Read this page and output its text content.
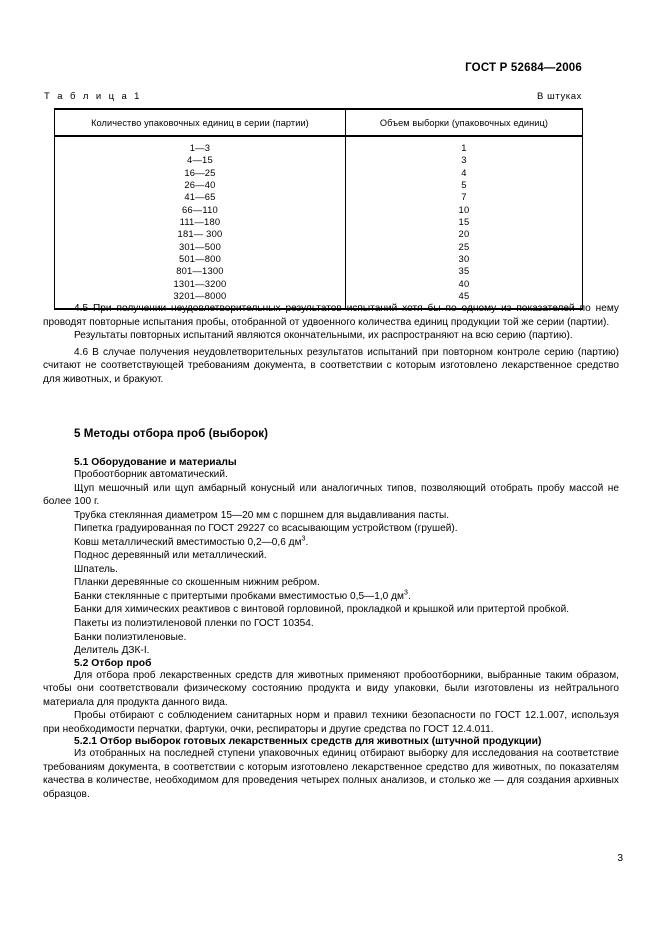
ГОСТ Р 52684—2006
Т а б л и ц а 1	В штуках
Количество упаковочных единиц в серии (партии)	Объем выборки (упаковочных единиц)
1—3	1
4—15	3
16—25	4
26—40	5
41—65	7
66—110	10
111—180	15
181— 300	20
301—500	25
501—800	30
801—1300	35
1301—3200	40
3201—8000	45

4.5 При получении неудовлетворительных результатов испытаний хотя бы по одному из показателей по нему проводят повторные испытания пробы, отобранной от удвоенного количества единиц продукции той же серии (партии).

Результаты повторных испытаний являются окончательными, их распространяют на всю серию (партию).

4.6 В случае получения неудовлетворительных результатов испытаний при повторном контроле серию (партию) считают не соответствующей требованиям документа, в соответствии с которым изготовлено лекарственное средство для животных, и бракуют.

5 Методы отбора проб (выборок)
5.1 Оборудование и материалы

Пробоотборник автоматический.

Щуп мешочный или щуп амбарный конусный или аналогичных типов, позволяющий отобрать пробу массой не более 100 г.

Трубка стеклянная диаметром 15—20 мм с поршнем для выдавливания пасты.

Пипетка градуированная по ГОСТ 29227 со всасывающим устройством (грушей).

Ковш металлический вместимостью 0,2—0,6 $дм^3$.

Поднос деревянный или металлический.

Шпатель.

Планки деревянные со скошенным нижним ребром.

Банки стеклянные с притертыми пробками вместимостью 0,5—1,0 $дм^3$.

Банки для химических реактивов с винтовой горловиной, прокладкой и крышкой или притертой пробкой.

Пакеты из полиэтиленовой пленки по ГОСТ 10354.

Банки полиэтиленовые.

Делитель ДЗК-I.

5.2 Отбор проб

Для отбора проб лекарственных средств для животных применяют пробоотборники, выбранные таким образом, чтобы они соответствовали физическому состоянию продукта и виду упаковки, были изготовлены из нейтрального материала для продукта данного вида.

Пробы отбирают с соблюдением санитарных норм и правил техники безопасности по ГОСТ 12.1.007, используя при необходимости перчатки, фартуки, очки, респираторы и другие средства по ГОСТ 12.4.011.

5.2.1 Отбор выборок готовых лекарственных средств для животных (штучной продукции)

Из отобранных на последней ступени упаковочных единиц отбирают выборку для исследования на соответствие требованиям документа, в соответствии с которым изготовлено лекарственное средство для животных, по показателям качества в количестве, необходимом для проведения четырех полных анализов, и столько же — для создания архивных образцов.

3
